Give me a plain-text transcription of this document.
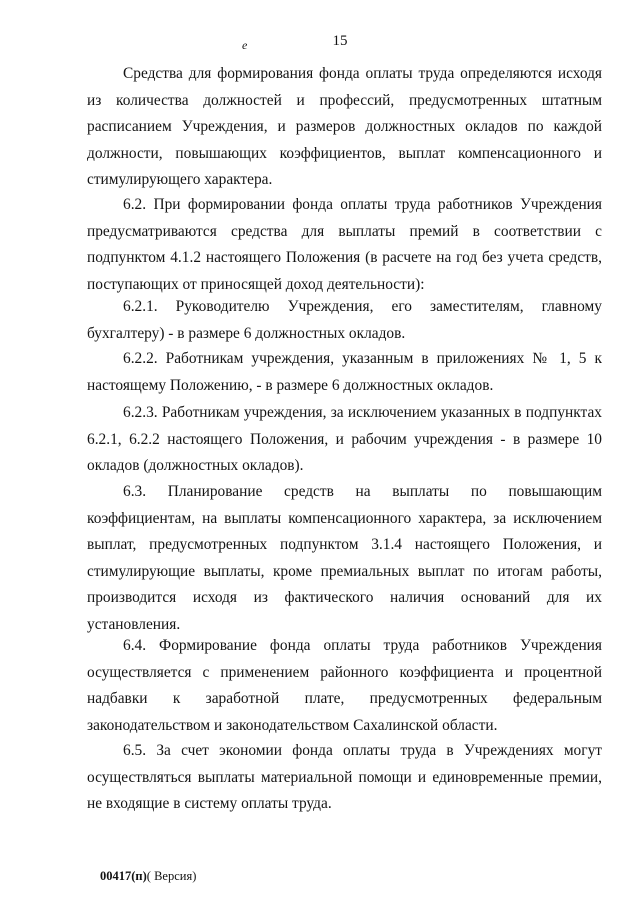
15
е

Средства для формирования фонда оплаты труда определяются исходя из количества должностей и профессий, предусмотренных штатным расписанием Учреждения, и размеров должностных окладов по каждой должности, повышающих коэффициентов, выплат компенсационного и стимулирующего характера.

6.2. При формировании фонда оплаты труда работников Учреждения предусматриваются средства для выплаты премий в соответствии с подпунктом 4.1.2 настоящего Положения (в расчете на год без учета средств, поступающих от приносящей доход деятельности):

6.2.1. Руководителю Учреждения, его заместителям, главному бухгалтеру) - в размере 6 должностных окладов.

6.2.2. Работникам учреждения, указанным в приложениях № 1, 5 к настоящему Положению, - в размере 6 должностных окладов.

6.2.3. Работникам учреждения, за исключением указанных в подпунктах 6.2.1, 6.2.2 настоящего Положения, и рабочим учреждения - в размере 10 окладов (должностных окладов).

6.3. Планирование средств на выплаты по повышающим коэффициентам, на выплаты компенсационного характера, за исключением выплат, предусмотренных подпунктом 3.1.4 настоящего Положения, и стимулирующие выплаты, кроме премиальных выплат по итогам работы, производится исходя из фактического наличия оснований для их установления.

6.4. Формирование фонда оплаты труда работников Учреждения осуществляется с применением районного коэффициента и процентной надбавки к заработной плате, предусмотренных федеральным законодательством и законодательством Сахалинской области.

6.5. За счет экономии фонда оплаты труда в Учреждениях могут осуществляться выплаты материальной помощи и единовременные премии, не входящие в систему оплаты труда.

00417(п)( Версия)
